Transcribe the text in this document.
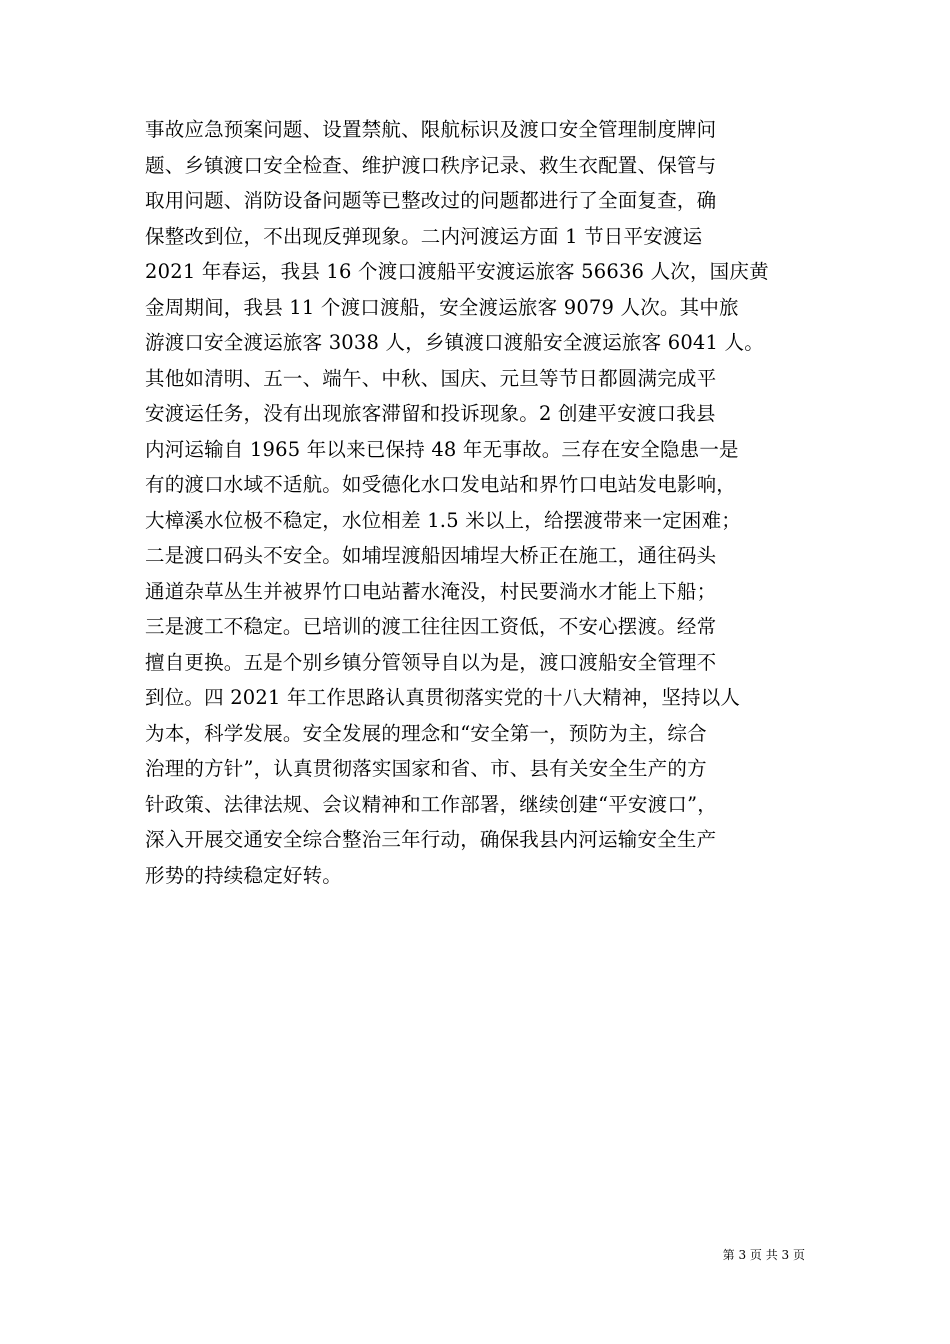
事故应急预案问题、设置禁航、限航标识及渡口安全管理制度牌问
题、乡镇渡口安全检查、维护渡口秩序记录、救生衣配置、保管与
取用问题、消防设备问题等已整改过的问题都进行了全面复查，确
保整改到位，不出现反弹现象。二内河渡运方面 1 节日平安渡运
2021 年春运，我县 16 个渡口渡船平安渡运旅客 56636 人次，国庆黄
金周期间，我县 11 个渡口渡船，安全渡运旅客 9079 人次。其中旅
游渡口安全渡运旅客 3038 人，乡镇渡口渡船安全渡运旅客 6041 人。
其他如清明、五一、端午、中秋、国庆、元旦等节日都圆满完成平
安渡运任务，没有出现旅客滞留和投诉现象。2 创建平安渡口我县
内河运输自 1965 年以来已保持 48 年无事故。三存在安全隐患一是
有的渡口水域不适航。如受德化水口发电站和界竹口电站发电影响，
大樟溪水位极不稳定，水位相差 1.5 米以上，给摆渡带来一定困难；
二是渡口码头不安全。如埔埕渡船因埔埕大桥正在施工，通往码头
通道杂草丛生并被界竹口电站蓄水淹没，村民要淌水才能上下船；
三是渡工不稳定。已培训的渡工往往因工资低，不安心摆渡。经常
擅自更换。五是个别乡镇分管领导自以为是，渡口渡船安全管理不
到位。四 2021 年工作思路认真贯彻落实党的十八大精神，坚持以人
为本，科学发展。安全发展的理念和“安全第一，预防为主，综合
治理的方针”，认真贯彻落实国家和省、市、县有关安全生产的方
针政策、法律法规、会议精神和工作部署，继续创建“平安渡口”，
深入开展交通安全综合整治三年行动，确保我县内河运输安全生产
形势的持续稳定好转。
第 3 页 共 3 页
